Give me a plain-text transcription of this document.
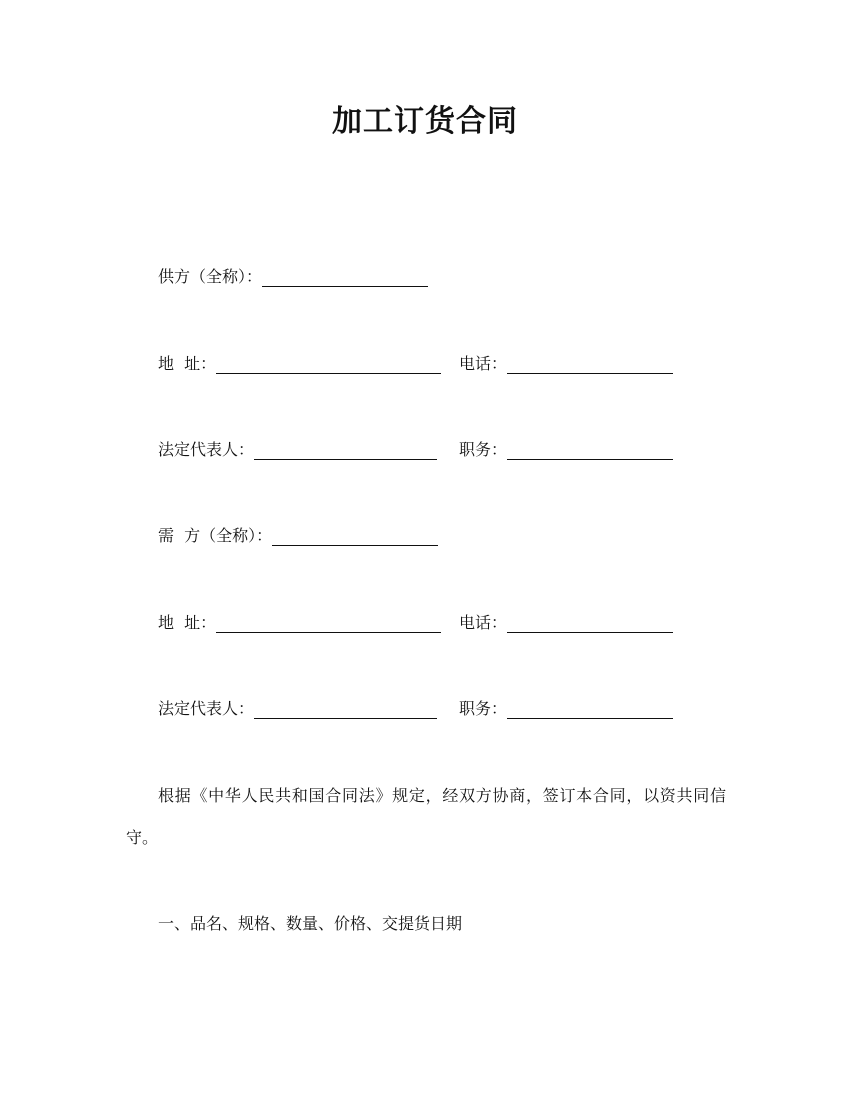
加工订货合同
供方（全称）：
地  址：	电话：
法定代表人：	职务：
需  方（全称）：
地  址：	电话：
法定代表人：	职务：
根据《中华人民共和国合同法》规定，经双方协商，签订本合同，以资共同信守。
一、品名、规格、数量、价格、交提货日期
